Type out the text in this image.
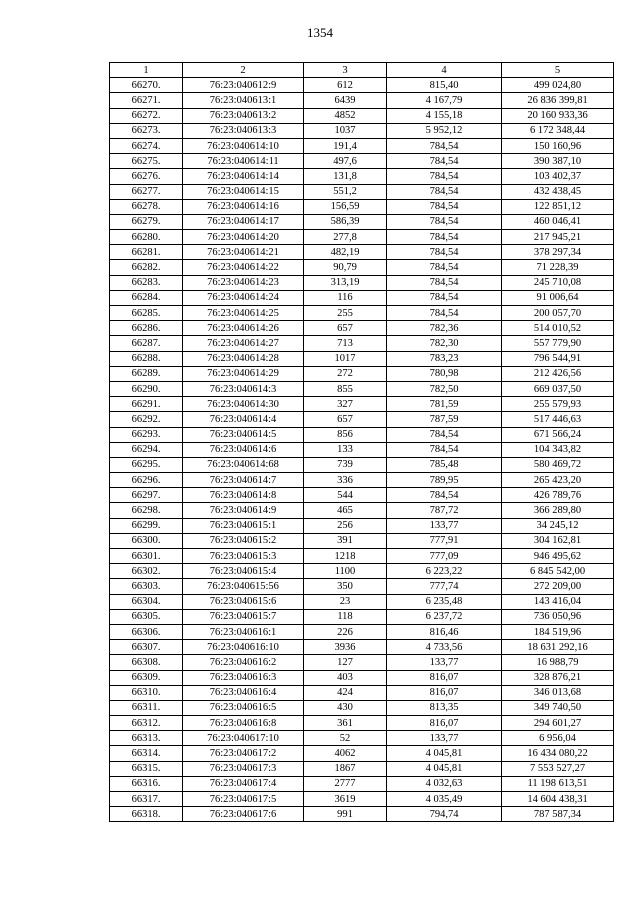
1354
1	2	3	4	5
66270.	76:23:040612:9	612	815,40	499 024,80
66271.	76:23:040613:1	6439	4 167,79	26 836 399,81
66272.	76:23:040613:2	4852	4 155,18	20 160 933,36
66273.	76:23:040613:3	1037	5 952,12	6 172 348,44
66274.	76:23:040614:10	191,4	784,54	150 160,96
66275.	76:23:040614:11	497,6	784,54	390 387,10
66276.	76:23:040614:14	131,8	784,54	103 402,37
66277.	76:23:040614:15	551,2	784,54	432 438,45
66278.	76:23:040614:16	156,59	784,54	122 851,12
66279.	76:23:040614:17	586,39	784,54	460 046,41
66280.	76:23:040614:20	277,8	784,54	217 945,21
66281.	76:23:040614:21	482,19	784,54	378 297,34
66282.	76:23:040614:22	90,79	784,54	71 228,39
66283.	76:23:040614:23	313,19	784,54	245 710,08
66284.	76:23:040614:24	116	784,54	91 006,64
66285.	76:23:040614:25	255	784,54	200 057,70
66286.	76:23:040614:26	657	782,36	514 010,52
66287.	76:23:040614:27	713	782,30	557 779,90
66288.	76:23:040614:28	1017	783,23	796 544,91
66289.	76:23:040614:29	272	780,98	212 426,56
66290.	76:23:040614:3	855	782,50	669 037,50
66291.	76:23:040614:30	327	781,59	255 579,93
66292.	76:23:040614:4	657	787,59	517 446,63
66293.	76:23:040614:5	856	784,54	671 566,24
66294.	76:23:040614:6	133	784,54	104 343,82
66295.	76:23:040614:68	739	785,48	580 469,72
66296.	76:23:040614:7	336	789,95	265 423,20
66297.	76:23:040614:8	544	784,54	426 789,76
66298.	76:23:040614:9	465	787,72	366 289,80
66299.	76:23:040615:1	256	133,77	34 245,12
66300.	76:23:040615:2	391	777,91	304 162,81
66301.	76:23:040615:3	1218	777,09	946 495,62
66302.	76:23:040615:4	1100	6 223,22	6 845 542,00
66303.	76:23:040615:56	350	777,74	272 209,00
66304.	76:23:040615:6	23	6 235,48	143 416,04
66305.	76:23:040615:7	118	6 237,72	736 050,96
66306.	76:23:040616:1	226	816,46	184 519,96
66307.	76:23:040616:10	3936	4 733,56	18 631 292,16
66308.	76:23:040616:2	127	133,77	16 988,79
66309.	76:23:040616:3	403	816,07	328 876,21
66310.	76:23:040616:4	424	816,07	346 013,68
66311.	76:23:040616:5	430	813,35	349 740,50
66312.	76:23:040616:8	361	816,07	294 601,27
66313.	76:23:040617:10	52	133,77	6 956,04
66314.	76:23:040617:2	4062	4 045,81	16 434 080,22
66315.	76:23:040617:3	1867	4 045,81	7 553 527,27
66316.	76:23:040617:4	2777	4 032,63	11 198 613,51
66317.	76:23:040617:5	3619	4 035,49	14 604 438,31
66318.	76:23:040617:6	991	794,74	787 587,34
